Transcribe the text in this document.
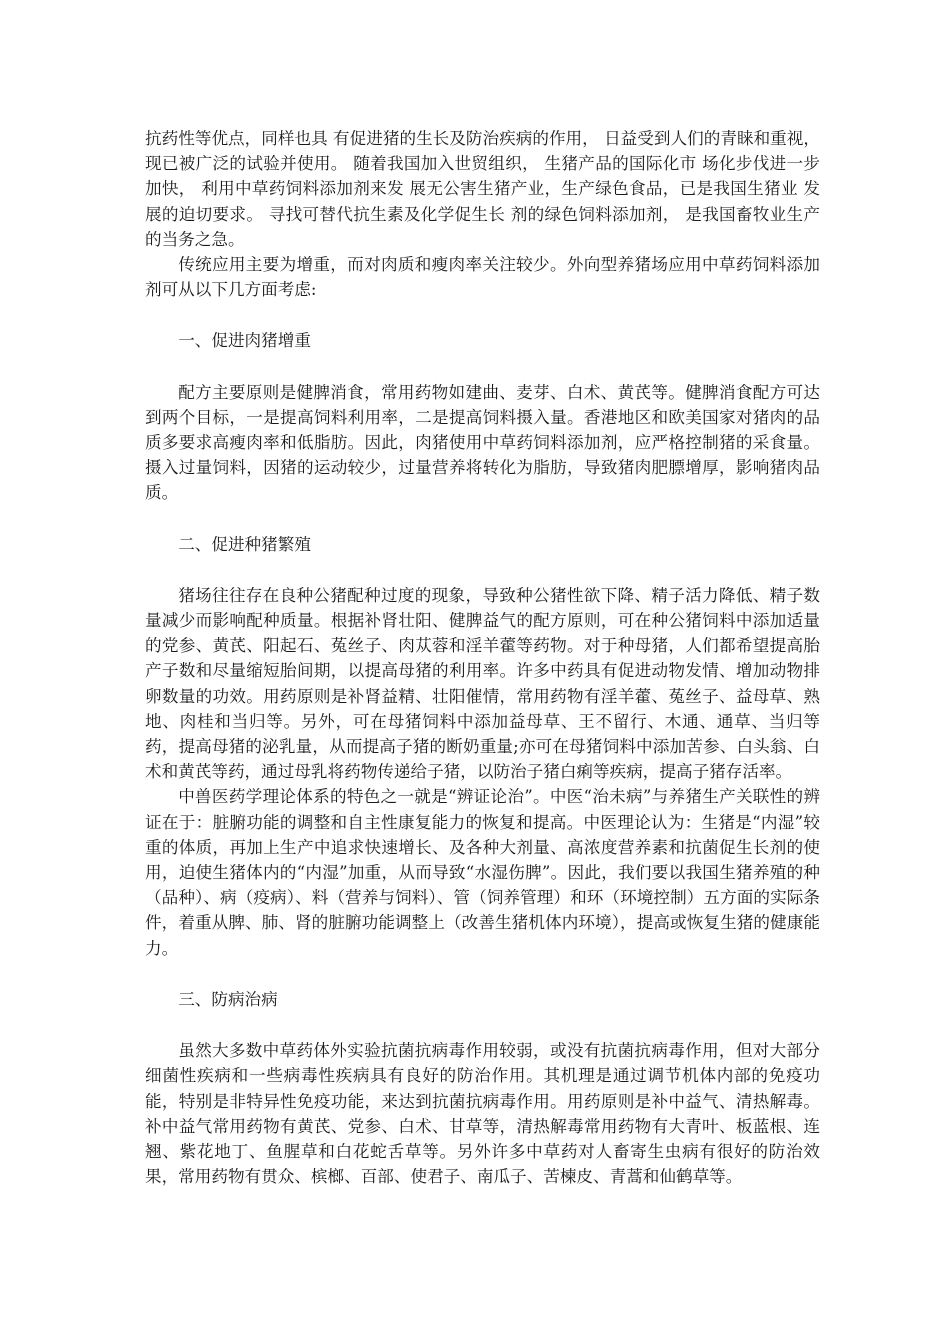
抗药性等优点，同样也具 有促进猪的生长及防治疾病的作用， 日益受到人们的青睐和重视，现已被广泛的试验并使用。 随着我国加入世贸组织， 生猪产品的国际化市 场化步伐进一步加快， 利用中草药饲料添加剂来发 展无公害生猪产业，生产绿色食品，已是我国生猪业 发展的迫切要求。 寻找可替代抗生素及化学促生长 剂的绿色饲料添加剂， 是我国畜牧业生产的当务之急。

传统应用主要为增重，而对肉质和瘦肉率关注较少。外向型养猪场应用中草药饲料添加剂可从以下几方面考虑:

一、促进肉猪增重

配方主要原则是健脾消食，常用药物如建曲、麦芽、白术、黄芪等。健脾消食配方可达到两个目标，一是提高饲料利用率，二是提高饲料摄入量。香港地区和欧美国家对猪肉的品质多要求高瘦肉率和低脂肪。因此，肉猪使用中草药饲料添加剂，应严格控制猪的采食量。摄入过量饲料，因猪的运动较少，过量营养将转化为脂肪，导致猪肉肥膘增厚，影响猪肉品质。

二、促进种猪繁殖

猪场往往存在良种公猪配种过度的现象，导致种公猪性欲下降、精子活力降低、精子数量减少而影响配种质量。根据补肾壮阳、健脾益气的配方原则，可在种公猪饲料中添加适量的党参、黄芪、阳起石、菟丝子、肉苁蓉和淫羊藿等药物。对于种母猪，人们都希望提高胎产子数和尽量缩短胎间期，以提高母猪的利用率。许多中药具有促进动物发情、增加动物排卵数量的功效。用药原则是补肾益精、壮阳催情，常用药物有淫羊藿、菟丝子、益母草、熟地、肉桂和当归等。另外，可在母猪饲料中添加益母草、王不留行、木通、通草、当归等药，提高母猪的泌乳量，从而提高子猪的断奶重量;亦可在母猪饲料中添加苦参、白头翁、白术和黄芪等药，通过母乳将药物传递给子猪，以防治子猪白痢等疾病，提高子猪存活率。

中兽医药学理论体系的特色之一就是“辨证论治”。中医“治未病”与养猪生产关联性的辨证在于：脏腑功能的调整和自主性康复能力的恢复和提高。中医理论认为：生猪是“内湿”较重的体质，再加上生产中追求快速增长、及各种大剂量、高浓度营养素和抗菌促生长剂的使用，迫使生猪体内的“内湿”加重，从而导致“水湿伤脾”。因此，我们要以我国生猪养殖的种（品种）、病（疫病）、料（营养与饲料）、管（饲养管理）和环（环境控制）五方面的实际条件，着重从脾、肺、肾的脏腑功能调整上（改善生猪机体内环境），提高或恢复生猪的健康能力。

三、防病治病

虽然大多数中草药体外实验抗菌抗病毒作用较弱，或没有抗菌抗病毒作用，但对大部分细菌性疾病和一些病毒性疾病具有良好的防治作用。其机理是通过调节机体内部的免疫功能，特别是非特异性免疫功能，来达到抗菌抗病毒作用。用药原则是补中益气、清热解毒。补中益气常用药物有黄芪、党参、白术、甘草等，清热解毒常用药物有大青叶、板蓝根、连翘、紫花地丁、鱼腥草和白花蛇舌草等。另外许多中草药对人畜寄生虫病有很好的防治效果，常用药物有贯众、槟榔、百部、使君子、南瓜子、苦楝皮、青蒿和仙鹤草等。
